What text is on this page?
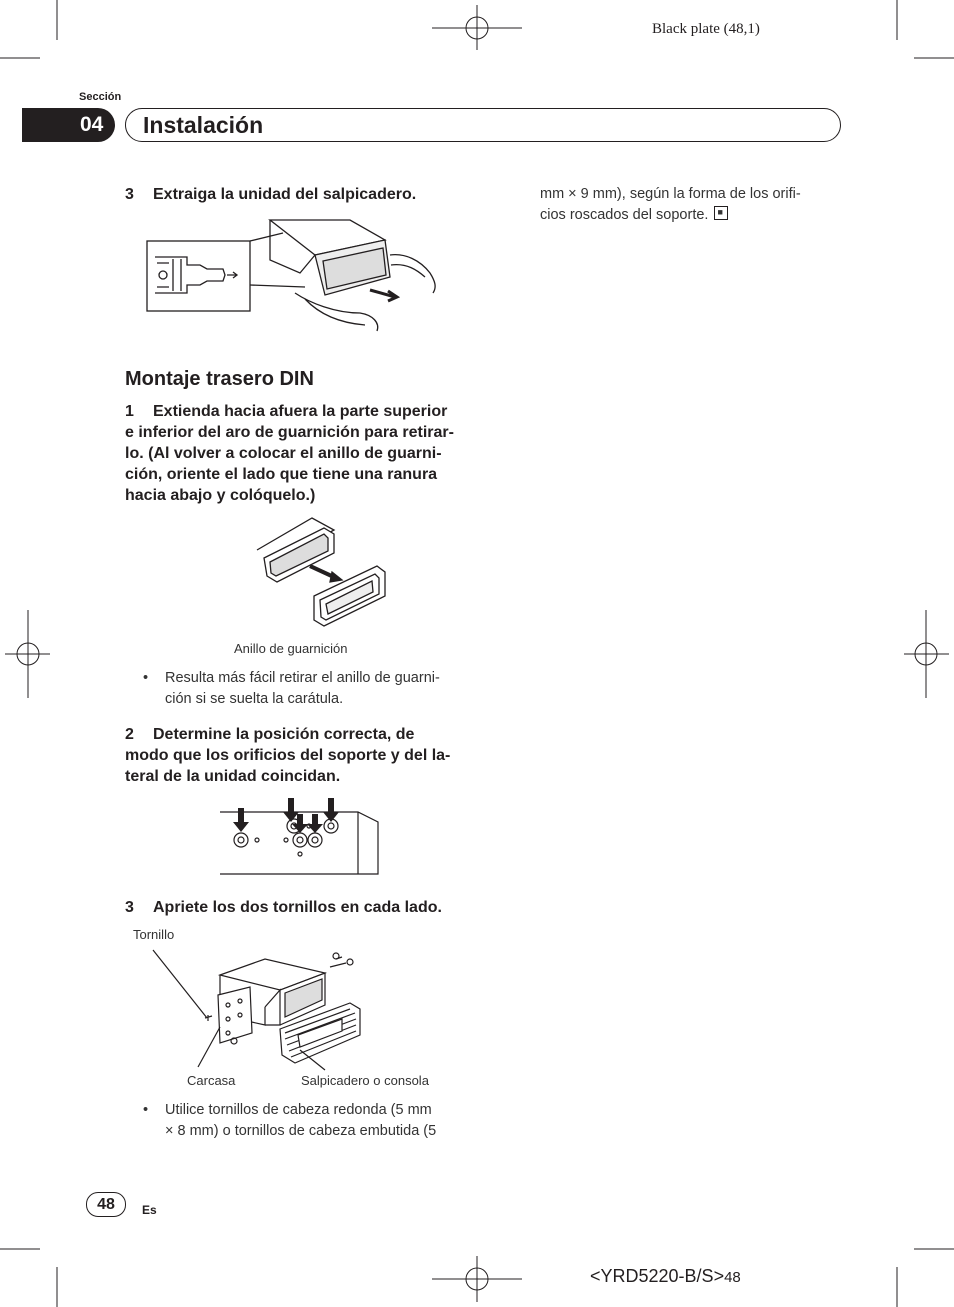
Black plate (48,1)
Sección
04 Instalación
3 Extraiga la unidad del salpicadero.
Montaje trasero DIN
1 Extienda hacia afuera la parte superior
e inferior del aro de guarnición para retirar-
lo. (Al volver a colocar el anillo de guarni-
ción, oriente el lado que tiene una ranura
hacia abajo y colóquelo.)
Anillo de guarnición
• Resulta más fácil retirar el anillo de guarni-
ción si se suelta la carátula.
2 Determine la posición correcta, de
modo que los orificios del soporte y del la-
teral de la unidad coincidan.
3 Apriete los dos tornillos en cada lado.
Tornillo
Carcasa	Salpicadero o consola
• Utilice tornillos de cabeza redonda (5 mm
× 8 mm) o tornillos de cabeza embutida (5
mm × 9 mm), según la forma de los orifi-
cios roscados del soporte. ■
48	Es
<YRD5220-B/S>48
